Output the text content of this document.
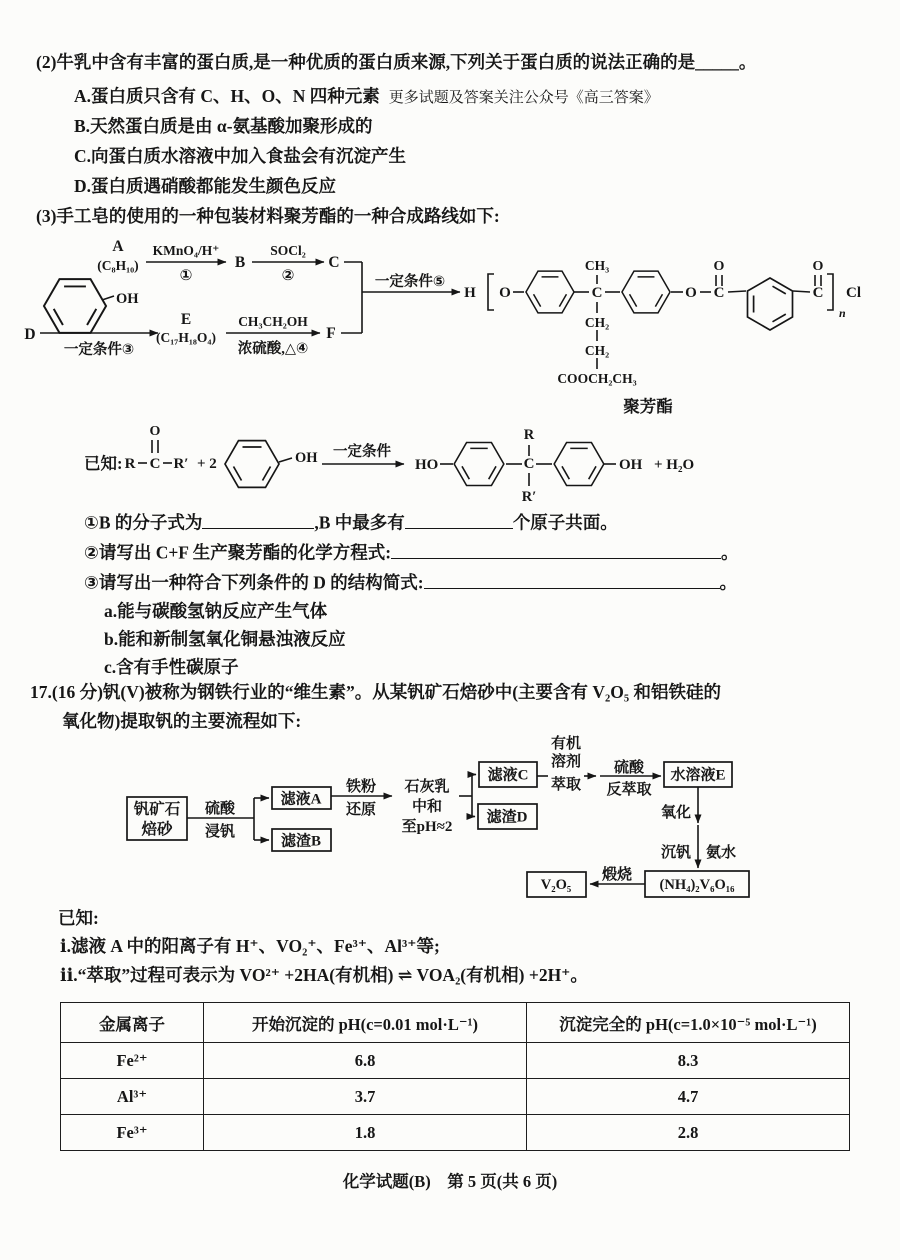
(2)牛乳中含有丰富的蛋白质,是一种优质的蛋白质来源,下列关于蛋白质的说法正确的是_____。
A.蛋白质只含有 C、H、O、N 四种元素 更多试题及答案关注公众号《高三答案》
B.天然蛋白质是由 α-氨基酸加聚形成的
C.向蛋白质水溶液中加入食盐会有沉淀产生
D.蛋白质遇硝酸都能发生颜色反应
(3)手工皂的使用的一种包装材料聚芳酯的一种合成路线如下:
OH
A
(C₈H₁₀)
KMnO₄/H⁺
①
B
SOCl₂
②
C
一定条件⑤
D
一定条件③
E
(C₁₇H₁₈O₄)
CH₃CH₂OH
浓硫酸,△④
F
H O	C
CH₃
O C
O
C
O
n
Cl
CH₂
CH₂
COOCH₂CH₃
聚芳酯
已知: R C
O
R′ + 2	OH 一定条件
HO	C
R
R′
OH + H₂O
①B 的分子式为	,B 中最多有	个原子共面。
②请写出 C+F 生产聚芳酯的化学方程式:	。
③请写出一种符合下列条件的 D 的结构简式:	。
a.能与碳酸氢钠反应产生气体
b.能和新制氢氧化铜悬浊液反应
c.含有手性碳原子
17.(16 分)钒(V)被称为钢铁行业的“维生素”。从某钒矿石焙砂中(主要含有 V₂O₅ 和铝铁硅的
氧化物)提取钒的主要流程如下:
钒矿石
焙砂
硫酸
浸钒
滤液A
滤渣B
铁粉
还原
石灰乳
中和
至pH≈2
滤液C
滤渣D
有机
溶剂
萃取
硫酸
反萃取
水溶液E
氧化
沉钒 氨水
(NH₄)₂V₆O₁₆
煅烧
V₂O₅
已知:
ⅰ.滤液 A 中的阳离子有 H⁺、VO₂⁺、Fe³⁺、Al³⁺等;
ⅱ.“萃取”过程可表示为 VO²⁺ +2HA(有机相) ⇌ VOA₂(有机相) +2H⁺。
金属离子	开始沉淀的 pH(c=0.01 mol·L⁻¹)	沉淀完全的 pH(c=1.0×10⁻⁵ mol·L⁻¹)
Fe²⁺	6.8	8.3
Al³⁺	3.7	4.7
Fe³⁺	1.8	2.8
化学试题(B)　第 5 页(共 6 页)
